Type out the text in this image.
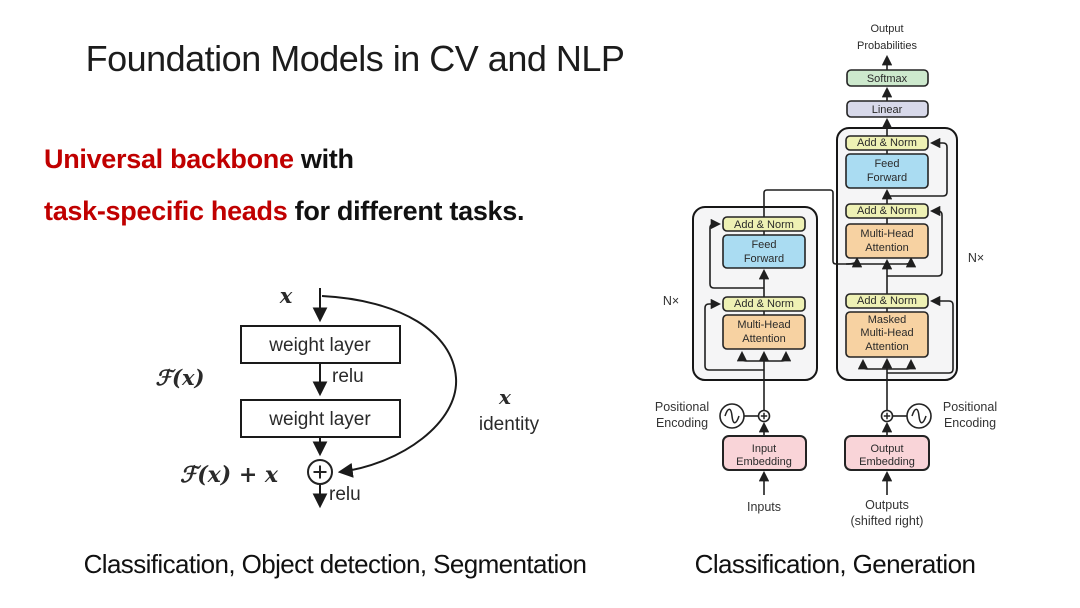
Foundation Models in CV and NLP
Universal backbone with
task-specific heads for different tasks.
x
weight layer
relu
ℱ(x)
weight layer
ℱ(x) + x
relu
x
identity
Output
Probabilities
Softmax
Linear
Add & Norm
Feed
Forward
Add & Norm
Multi-Head
Attention
Add & Norm
Masked
Multi-Head
Attention
Add & Norm
Feed
Forward
Add & Norm
Multi-Head
Attention
N×
N×
Positional
Encoding
Positional
Encoding
Input
Embedding
Output
Embedding
Inputs	Outputs
(shifted right)
Classification, Object detection, Segmentation	Classification, Generation
